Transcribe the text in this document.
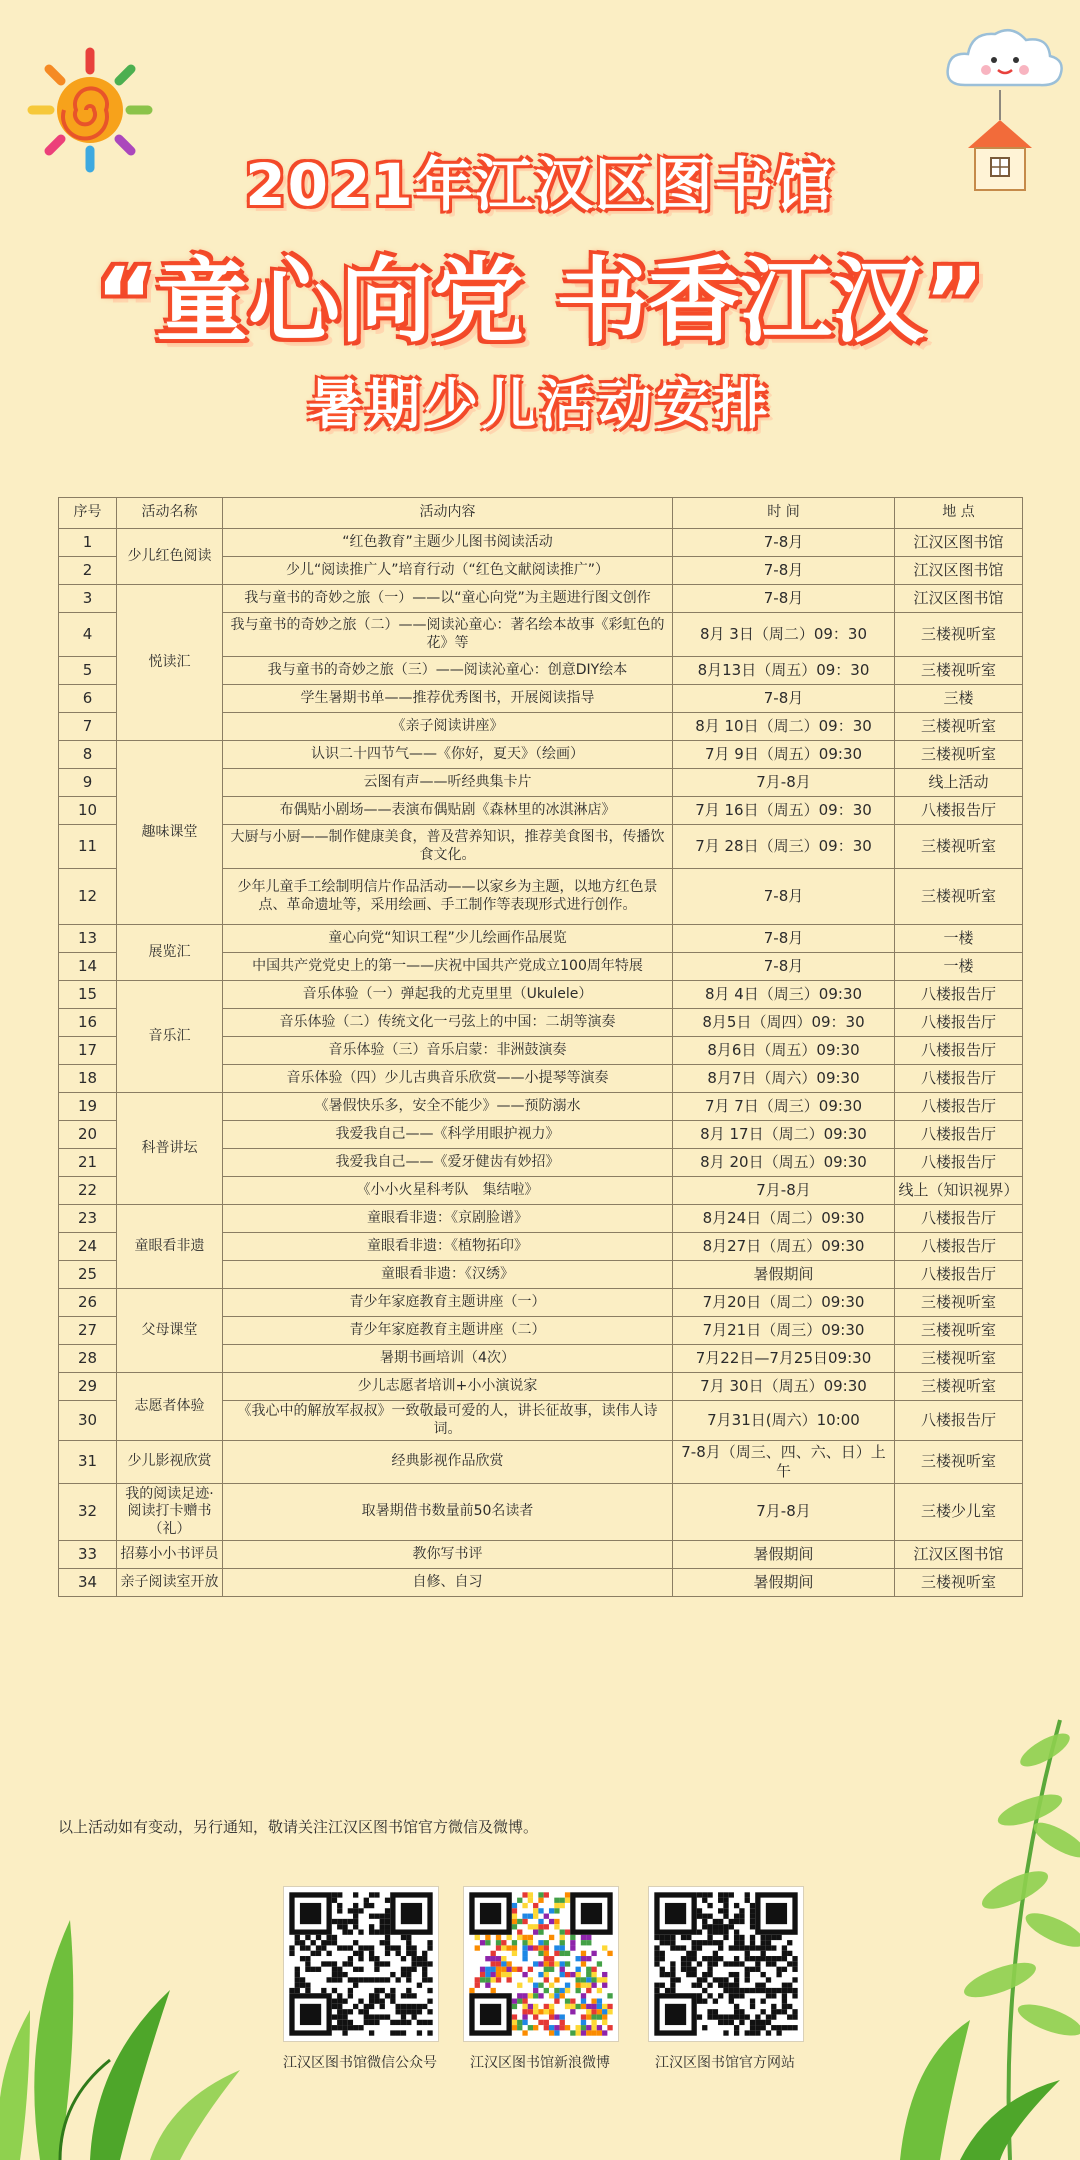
2021年江汉区图书馆
“童心向党 书香江汉”
暑期少儿活动安排
序号	活动名称	活动内容	时 间	地 点
1	少儿红色阅读	“红色教育”主题少儿图书阅读活动	7-8月	江汉区图书馆
2		少儿“阅读推广人”培育行动（“红色文献阅读推广”）	7-8月	江汉区图书馆
3	悦读汇	我与童书的奇妙之旅（一）——以“童心向党”为主题进行图文创作	7-8月	江汉区图书馆
4		我与童书的奇妙之旅（二）——阅读沁童心：著名绘本故事《彩虹色的花》等	8月 3日（周二）09：30	三楼视听室
5		我与童书的奇妙之旅（三）——阅读沁童心：创意DIY绘本	8月13日（周五）09：30	三楼视听室
6		学生暑期书单——推荐优秀图书，开展阅读指导	7-8月	三楼
7		《亲子阅读讲座》	8月 10日（周二）09：30	三楼视听室
8	趣味课堂	认识二十四节气——《你好，夏天》（绘画）	7月 9日（周五）09:30	三楼视听室
9		云图有声——听经典集卡片	7月-8月	线上活动
10		布偶贴小剧场——表演布偶贴剧《森林里的冰淇淋店》	7月 16日（周五）09：30	八楼报告厅
11		大厨与小厨——制作健康美食，普及营养知识，推荐美食图书，传播饮食文化。	7月 28日（周三）09：30	三楼视听室
12		少年儿童手工绘制明信片作品活动——以家乡为主题，以地方红色景点、革命遗址等，采用绘画、手工制作等表现形式进行创作。	7-8月	三楼视听室
13	展览汇	童心向党“知识工程”少儿绘画作品展览	7-8月	一楼
14		中国共产党党史上的第一——庆祝中国共产党成立100周年特展	7-8月	一楼
15	音乐汇	音乐体验（一）弹起我的尤克里里（Ukulele）	8月 4日（周三）09:30	八楼报告厅
16		音乐体验（二）传统文化一弓弦上的中国：二胡等演奏	8月5日（周四）09：30	八楼报告厅
17		音乐体验（三）音乐启蒙：非洲鼓演奏	8月6日（周五）09:30	八楼报告厅
18		音乐体验（四）少儿古典音乐欣赏——小提琴等演奏	8月7日（周六）09:30	八楼报告厅
19	科普讲坛	《暑假快乐多，安全不能少》——预防溺水	7月 7日（周三）09:30	八楼报告厅
20		我爱我自己——《科学用眼护视力》	8月 17日（周二）09:30	八楼报告厅
21		我爱我自己——《爱牙健齿有妙招》	8月 20日（周五）09:30	八楼报告厅
22		《小小火星科考队　集结啦》	7月-8月	线上（知识视界）
23	童眼看非遗	童眼看非遗：《京剧脸谱》	8月24日（周二）09:30	八楼报告厅
24		童眼看非遗：《植物拓印》	8月27日（周五）09:30	八楼报告厅
25		童眼看非遗：《汉绣》	暑假期间	八楼报告厅
26	父母课堂	青少年家庭教育主题讲座（一）	7月20日（周二）09:30	三楼视听室
27		青少年家庭教育主题讲座（二）	7月21日（周三）09:30	三楼视听室
28		暑期书画培训（4次）	7月22日—7月25日09:30	三楼视听室
29	志愿者体验	少儿志愿者培训+小小演说家	7月 30日（周五）09:30	三楼视听室
30		《我心中的解放军叔叔》一致敬最可爱的人，讲长征故事，读伟人诗词。	7月31日(周六）10:00	八楼报告厅
31	少儿影视欣赏	经典影视作品欣赏	7-8月（周三、四、六、日）上午	三楼视听室
32	我的阅读足迹·阅读打卡赠书（礼）	取暑期借书数量前50名读者	7月-8月	三楼少儿室
33	招募小小书评员	教你写书评	暑假期间	江汉区图书馆
34	亲子阅读室开放	自修、自习	暑假期间	三楼视听室
以上活动如有变动，另行通知，敬请关注江汉区图书馆官方微信及微博。
江汉区图书馆微信公众号	江汉区图书馆新浪微博	江汉区图书馆官方网站
